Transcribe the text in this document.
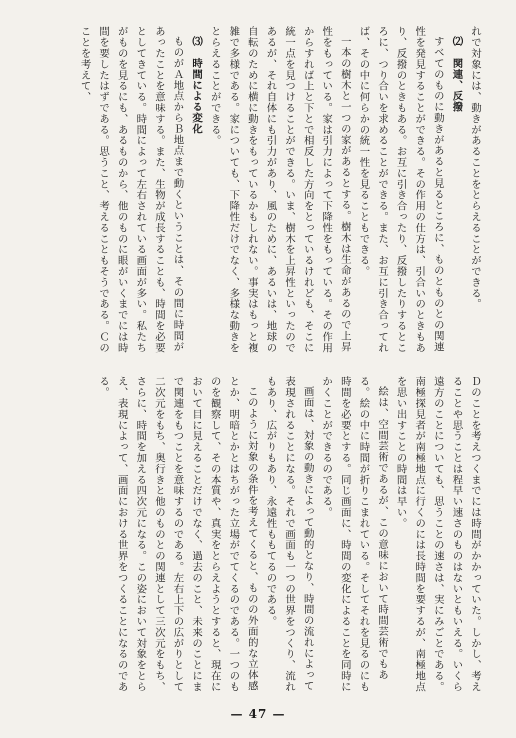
れで対象には、動きがあることをとらえることができる。

⑵　関連、反撥

すべてのものに動きがあると見るところに、ものとものとの関連性を発見することができる。その作用の仕方は、引合いのときもあり、反撥のときもある。お互に引き合ったり、反撥したりするところに、つり合いを求めることができる。また、お互に引き合ってれば、その中に何らかの統一性を見ることもできる。

一本の樹木と一つの家があるとする。樹木は生命があるので上昇性をもっている。家は引力によって下降性をもっている。その作用からすれば上と下とで相反した方向をとっているけれども、そこに統一点を見つけることができる。いま、樹木を上昇性といったのであるが、それ自体にも引力があり、風のために、あるいは、地球の自転のために横に動きをもっているかもしれない。事実はもっと複雑で多様である。家についても、下降性だけでなく、多様な動きをとらえることができる。

⑶　時間による変化

ものがＡ地点からＢ地点まで動くということは、その間に時間があったことを意味する。また、生物が成長することも、時間を必要としてきている。時間によって左右されている画面が多い。私たちがものを見るにも、あるものから、他のものに眼がいくまでには時間を要したはずである。思うこと、考えることもそうである。Ｃのことを考えて、

Ｄのことを考えつくまでには時間がかかっていた。しかし、考えることや思うことは程早い速さのものはないともいえる。いくら遠方のことについても、思うことの速さは、実にみごとである。南極探見者が南極地点に行くのには長時間を要するが、南極地点を思い出すことの時間は早い。

絵は、空間芸術であるが、この意味において時間芸術でもある。絵の中に時間が折りこまれている。そしてそれを見るのにも時間を必要とする。同じ画面に、時間の変化によることを同時にかくことができるのである。

画面は、対象の動きによって動的となり、時間の流れによって表現されることになる。それで画面も一つの世界をつくり、流れもあり、広がりもあり、永遠性ももてるのである。

このように対象の条件を考えてくると、ものの外面的な立体感とか、明暗とかとはちがった立場がでてくるのである。一つのものを観察して、その本質や、真実をとらえようとすると、現在において目に見えることだけでなく、過去のこと、未来のことにまで関連をもつことを意味するのである。左右上下の広がりとして二次元をもち、奥行きと他のものとの関連として三次元をもち、さらに、時間を加える四次元になる。この姿において対象をとらえ、表現によって、画面における世界をつくることになるのである。

— 47 —
